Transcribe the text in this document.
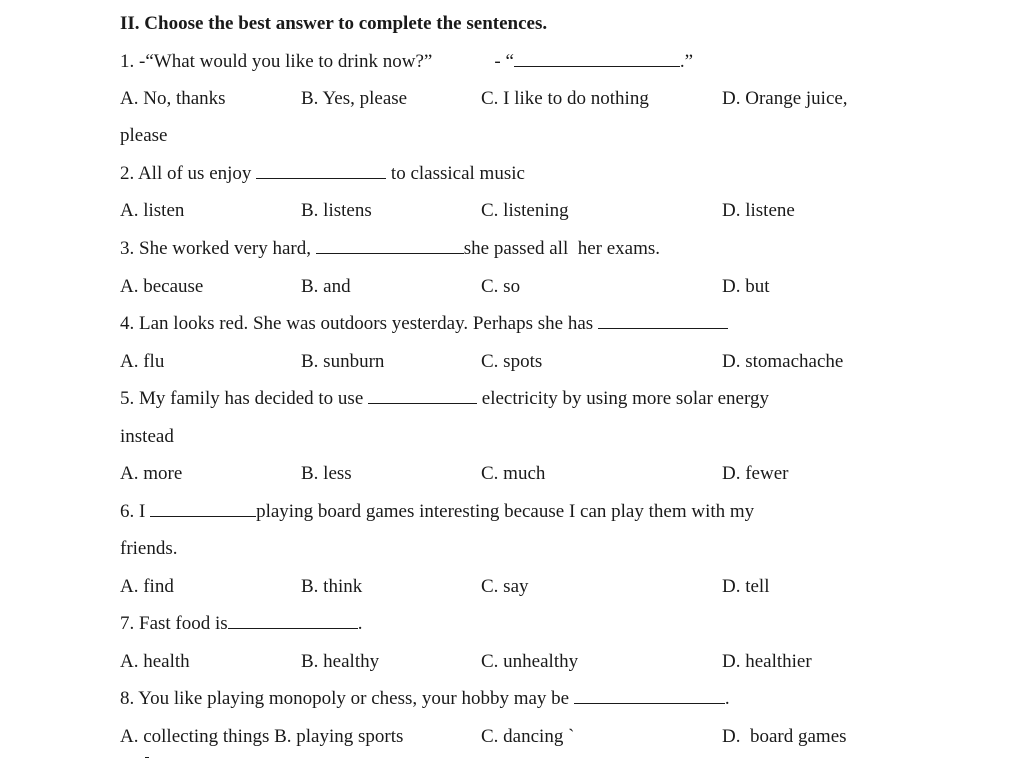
II. Choose the best answer to complete the sentences.
1. -“What would you like to drink now?”	- “	.”
A. No, thanks	B. Yes, please	C. I like to do nothing	D. Orange juice,
please
2. All of us enjoy	to classical music
A. listen	B. listens	C. listening	D. listene
3. She worked very hard,	she passed all  her exams.
A. because	B. and	C. so	D. but
4. Lan looks red. She was outdoors yesterday. Perhaps she has
A. flu	B. sunburn	C. spots	D. stomachache
5. My family has decided to use	electricity by using more solar energy
instead
A. more	B. less	C. much	D. fewer
6. I	playing board games interesting because I can play them with my
friends.
A. find	B. think	C. say	D. tell
7. Fast food is	.
A. health	B. healthy	C. unhealthy	D. healthier
8. You like playing monopoly or chess, your hobby may be	.
A. collecting things B. playing sports	C. dancing `	D.  board games
